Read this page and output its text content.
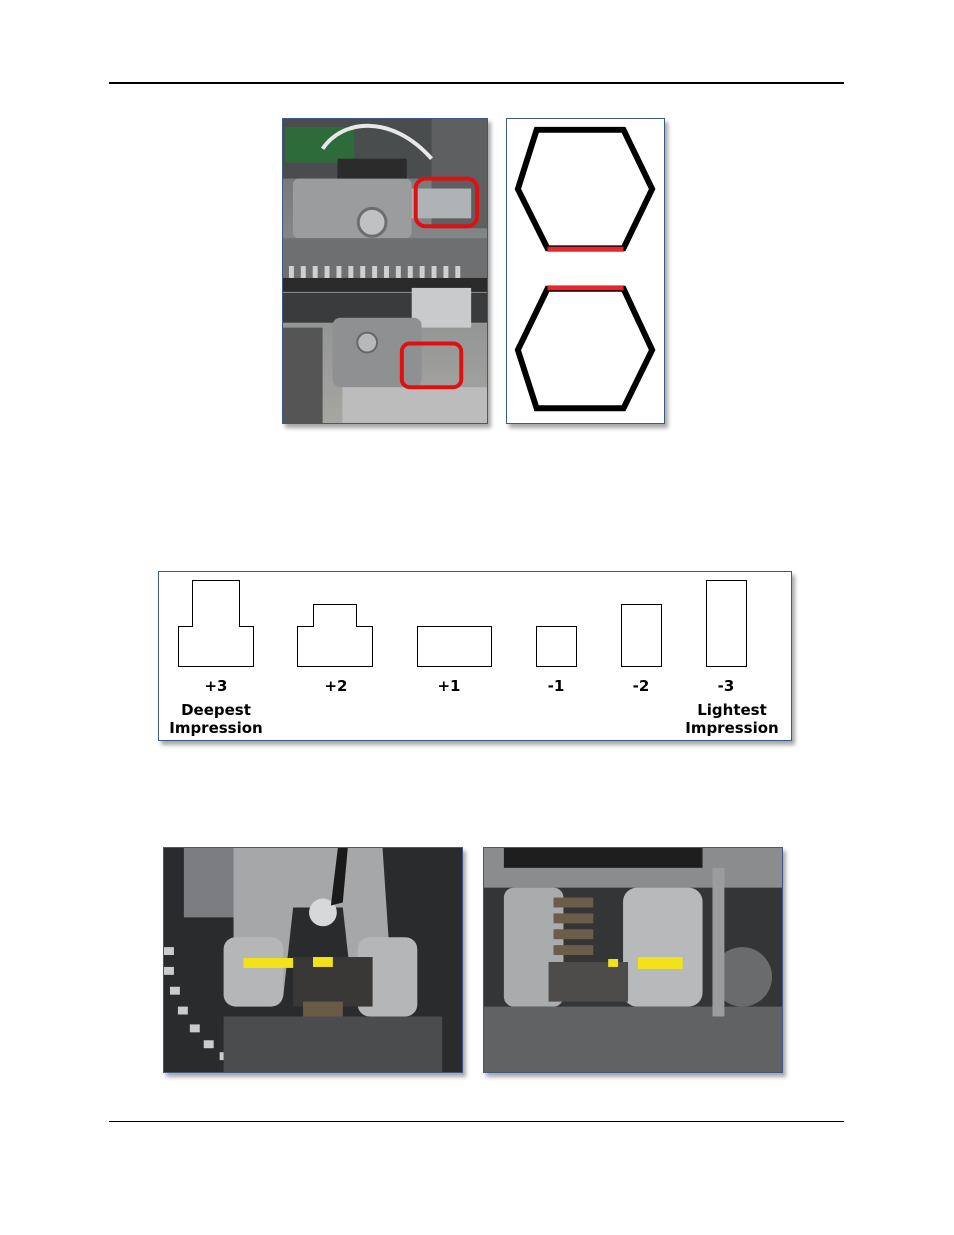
+3
Deepest
Impression
+2	+1	-1	-2	-3
Lightest
Impression
